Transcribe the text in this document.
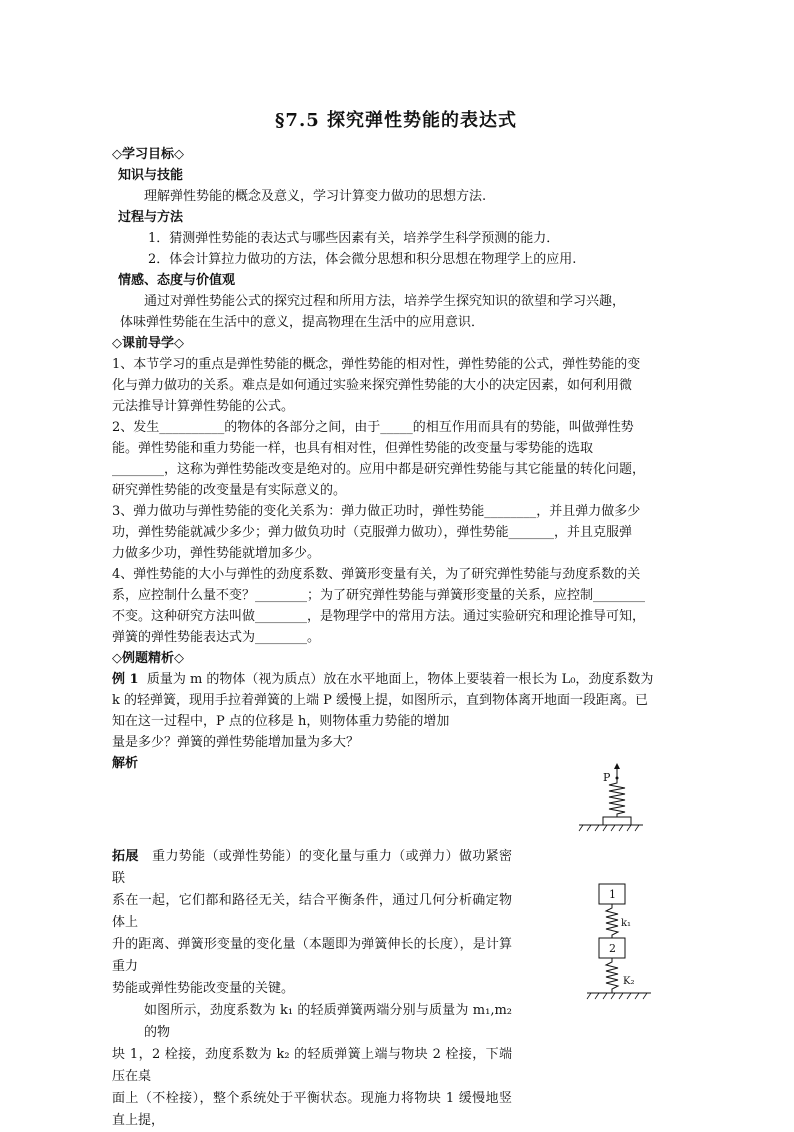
§7.5 探究弹性势能的表达式
◇学习目标◇
知识与技能
理解弹性势能的概念及意义，学习计算变力做功的思想方法.
过程与方法
1．猜测弹性势能的表达式与哪些因素有关，培养学生科学预测的能力．
2．体会计算拉力做功的方法，体会微分思想和积分思想在物理学上的应用.
情感、态度与价值观
通过对弹性势能公式的探究过程和所用方法，培养学生探究知识的欲望和学习兴趣，
体味弹性势能在生活中的意义，提高物理在生活中的应用意识．
◇课前导学◇
1、本节学习的重点是弹性势能的概念，弹性势能的相对性，弹性势能的公式，弹性势能的变
化与弹力做功的关系。难点是如何通过实验来探究弹性势能的大小的决定因素，如何利用微
元法推导计算弹性势能的公式。
2、发生__________的物体的各部分之间，由于_____的相互作用而具有的势能，叫做弹性势
能。弹性势能和重力势能一样，也具有相对性，但弹性势能的改变量与零势能的选取
________，这称为弹性势能改变是绝对的。应用中都是研究弹性势能与其它能量的转化问题，
研究弹性势能的改变量是有实际意义的。
3、弹力做功与弹性势能的变化关系为：弹力做正功时，弹性势能________，并且弹力做多少
功，弹性势能就减少多少；弹力做负功时（克服弹力做功），弹性势能_______，并且克服弹
力做多少功，弹性势能就增加多少。
4、弹性势能的大小与弹性的劲度系数、弹簧形变量有关，为了研究弹性势能与劲度系数的关
系，应控制什么量不变？________；为了研究弹性势能与弹簧形变量的关系，应控制________
不变。这种研究方法叫做________，是物理学中的常用方法。通过实验研究和理论推导可知，
弹簧的弹性势能表达式为________。
◇例题精析◇
例 1 质量为 m 的物体（视为质点）放在水平地面上，物体上要装着一根长为 L₀，劲度系数为
k 的轻弹簧，现用手拉着弹簧的上端 P 缓慢上提，如图所示，直到物体离开地面一段距离。已
知在这一过程中，P 点的位移是 h，则物体重力势能的增加
量是多少？弹簧的弹性势能增加量为多大？
解析
拓展 重力势能（或弹性势能）的变化量与重力（或弹力）做功紧密联
系在一起，它们都和路径无关，结合平衡条件，通过几何分析确定物体上
升的距离、弹簧形变量的变化量（本题即为弹簧伸长的长度），是计算重力
势能或弹性势能改变量的关键。
如图所示，劲度系数为 k₁ 的轻质弹簧两端分别与质量为 m₁,m₂ 的物
块 1，2 栓接，劲度系数为 k₂ 的轻质弹簧上端与物块 2 栓接，下端压在桌
面上（不栓接），整个系统处于平衡状态。现施力将物块 1 缓慢地竖直上提，
P
1
k₁
2
K₂
